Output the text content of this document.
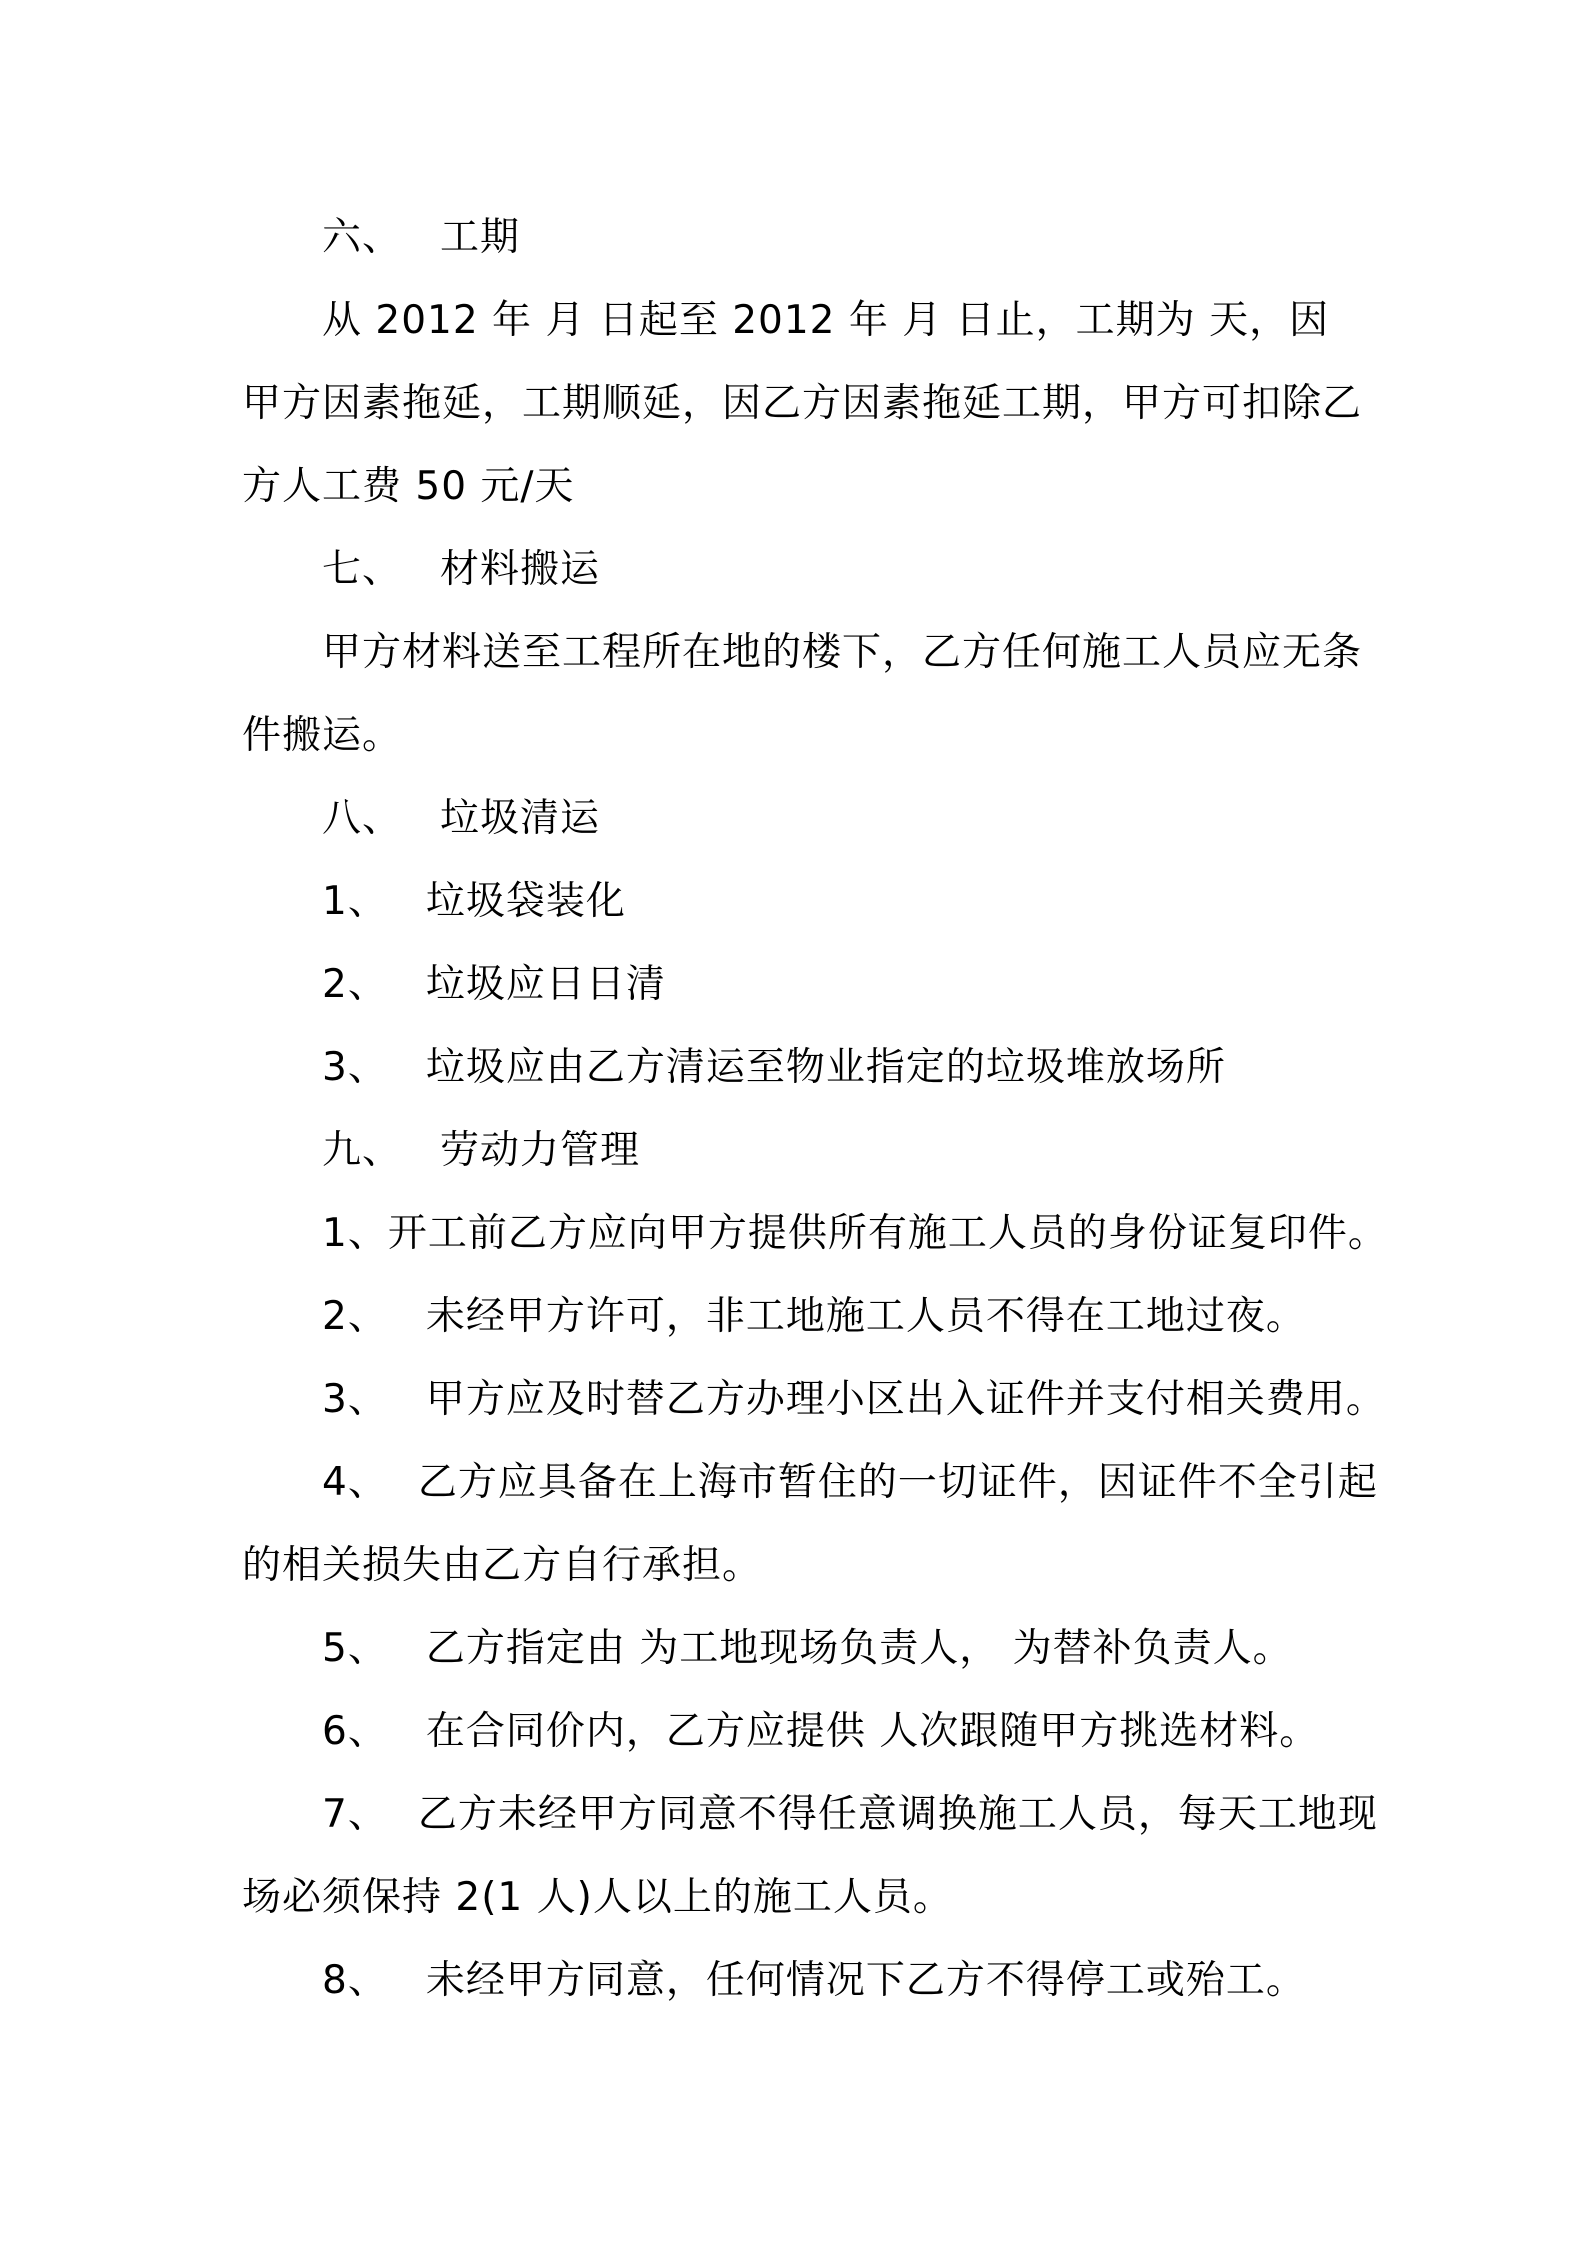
六、 工期
从 2012 年 月 日起至 2012 年 月 日止，工期为 天，因
甲方因素拖延，工期顺延，因乙方因素拖延工期，甲方可扣除乙
方人工费 50 元/天
七、 材料搬运
甲方材料送至工程所在地的楼下，乙方任何施工人员应无条
件搬运。
八、 垃圾清运
1、 垃圾袋装化
2、 垃圾应日日清
3、 垃圾应由乙方清运至物业指定的垃圾堆放场所
九、 劳动力管理
1、开工前乙方应向甲方提供所有施工人员的身份证复印件。
2、 未经甲方许可，非工地施工人员不得在工地过夜。
3、 甲方应及时替乙方办理小区出入证件并支付相关费用。
4、 乙方应具备在上海市暂住的一切证件，因证件不全引起
的相关损失由乙方自行承担。
5、 乙方指定由 为工地现场负责人， 为替补负责人。
6、 在合同价内，乙方应提供 人次跟随甲方挑选材料。
7、 乙方未经甲方同意不得任意调换施工人员，每天工地现
场必须保持 2(1 人)人以上的施工人员。
8、 未经甲方同意，任何情况下乙方不得停工或殆工。
